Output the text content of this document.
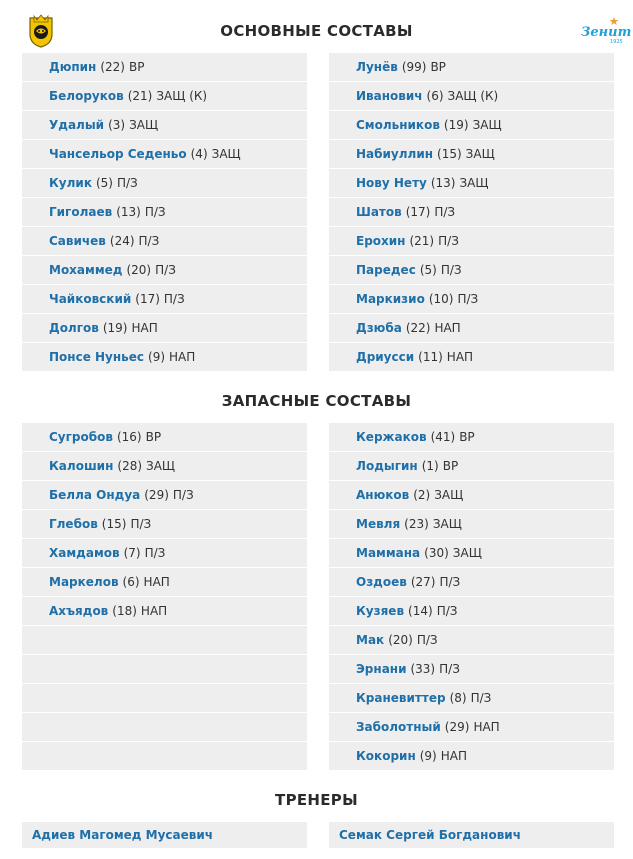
Зенит
1925
ОСНОВНЫЕ СОСТАВЫ
ЗАПАСНЫЕ СОСТАВЫ
ТРЕНЕРЫ
Дюпин (22) ВР
Белоруков (21) ЗАЩ (К)
Удалый (3) ЗАЩ
Чансельор Седеньо (4) ЗАЩ
Кулик (5) П/З
Гиголаев (13) П/З
Савичев (24) П/З
Мохаммед (20) П/З
Чайковский (17) П/З
Долгов (19) НАП
Понсе Нуньес (9) НАП
Лунёв (99) ВР
Иванович (6) ЗАЩ (К)
Смольников (19) ЗАЩ
Набиуллин (15) ЗАЩ
Нову Нету (13) ЗАЩ
Шатов (17) П/З
Ерохин (21) П/З
Паредес (5) П/З
Маркизио (10) П/З
Дзюба (22) НАП
Дриусси (11) НАП
Сугробов (16) ВР
Калошин (28) ЗАЩ
Белла Ондуа (29) П/З
Глебов (15) П/З
Хамдамов (7) П/З
Маркелов (6) НАП
Ахъядов (18) НАП
Кержаков (41) ВР
Лодыгин (1) ВР
Анюков (2) ЗАЩ
Мевля (23) ЗАЩ
Маммана (30) ЗАЩ
Оздоев (27) П/З
Кузяев (14) П/З
Мак (20) П/З
Эрнани (33) П/З
Краневиттер (8) П/З
Заболотный (29) НАП
Кокорин (9) НАП
Адиев Магомед Мусаевич	Семак Сергей Богданович
